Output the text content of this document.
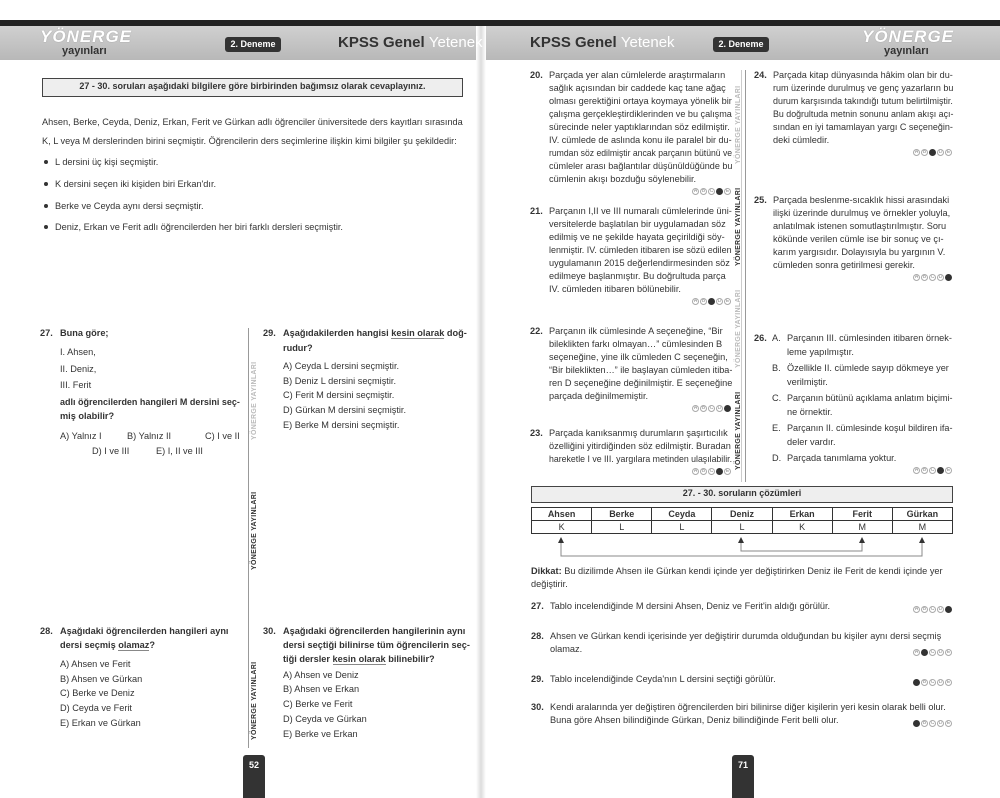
YÖNERGE
yayınları
2. Deneme	KPSS Genel Yetenek	KPSS Genel Yetenek	2. Deneme	YÖNERGE
yayınları
27 - 30. soruları aşağıdaki bilgilere göre birbirinden bağımsız olarak cevaplayınız.
Ahsen, Berke, Ceyda, Deniz, Erkan, Ferit ve Gürkan adlı öğrenciler üniversitede ders kayıtları sırasında
K, L veya M derslerinden birini seçmiştir. Öğrencilerin ders seçimlerine ilişkin kimi bilgiler şu şekildedir:
L dersini üç kişi seçmiştir.
K dersini seçen iki kişiden biri Erkan'dır.
Berke ve Ceyda aynı dersi seçmiştir.
Deniz, Erkan ve Ferit adlı öğrencilerden her biri farklı dersleri seçmiştir.
27. Buna göre;
I. Ahsen,
II. Deniz,
III. Ferit
adlı öğrencilerden hangileri M dersini seç-
miş olabilir?
A) Yalnız I	B) Yalnız II	C) I ve II
D) I ve III	E) I, II ve III
28. Aşağıdaki öğrencilerden hangileri aynı
dersi seçmiş olamaz?
A) Ahsen ve Ferit
B) Ahsen ve Gürkan
C) Berke ve Deniz
D) Ceyda ve Ferit
E) Erkan ve Gürkan
YÖNERGE YAYINLARI
YÖNERGE YAYINLARI
YÖNERGE YAYINLARI
29. Aşağıdakilerden hangisi kesin olarak doğ-
rudur?
A) Ceyda L dersini seçmiştir.
B) Deniz L dersini seçmiştir.
C) Ferit M dersini seçmiştir.
D) Gürkan M dersini seçmiştir.
E) Berke M dersini seçmiştir.
30. Aşağıdaki öğrencilerden hangilerinin aynı
dersi seçtiği bilinirse tüm öğrencilerin seç-
tiği dersler kesin olarak bilinebilir?
A) Ahsen ve Deniz
B) Ahsen ve Erkan
C) Berke ve Ferit
D) Ceyda ve Gürkan
E) Berke ve Erkan
52
20. Parçada yer alan cümlelerde araştırmaların
sağlık açısından bir caddede kaç tane ağaç
olması gerektiğini ortaya koymaya yönelik bir
çalışma gerçekleştirdiklerinden ve bu çalışma
sürecinde neler yaptıklarından söz edilmiştir.
IV. cümlede de aslında konu ile paralel bir du-
rumdan söz edilmiştir ancak parçanın bütünü ve
cümleler arası bağlantılar düşünüldüğünde bu
cümlenin akışı bozduğu söylenebilir.
A B C D E
21. Parçanın I,II ve III numaralı cümlelerinde üni-
versitelerde başlatılan bir uygulamadan söz
edilmiş ve ne şekilde hayata geçirildiği söy-
lenmiştir. IV. cümleden itibaren ise sözü edilen
uygulamanın 2015 değerlendirmesinden söz
edilmeye başlanmıştır. Bu doğrultuda parça
IV. cümleden itibaren bölünebilir.
A B C D E
22. Parçanın ilk cümlesinde A seçeneğine, “Bir
bileklikten farkı olmayan…” cümlesinden B
seçeneğine, yine ilk cümleden C seçeneğin,
“Bir bileklikten…” ile başlayan cümleden itiba-
ren D seçeneğine değinilmiştir. E seçeneğine
parçada değinilmemiştir.
A B C D E
23. Parçada kanıksanmış durumların şaşırtıcılık
özelliğini yitirdiğinden söz edilmiştir. Buradan
hareketle I ve III. yargılara metinden ulaşılabilir.
A B C D E
24. Parçada kitap dünyasında hâkim olan bir du-
rum üzerinde durulmuş ve genç yazarların bu
durum karşısında takındığı tutum belirtilmiştir.
Bu doğrultuda metnin sonunu anlam akışı açı-
sından en iyi tamamlayan yargı C seçeneğin-
deki cümledir.
A B C D E
25. Parçada beslenme-sıcaklık hissi arasındaki
ilişki üzerinde durulmuş ve örnekler yoluyla,
anlatılmak istenen somutlaştırılmıştır. Soru
kökünde verilen cümle ise bir sonuç ve çı-
karım yargısıdır. Dolayısıyla bu yargının V.
cümleden sonra getirilmesi gerekir.
A B C D E
26. A. Parçanın III. cümlesinden itibaren örnek-
leme yapılmıştır.
B. Özellikle II. cümlede sayıp dökmeye yer
verilmiştir.
C. Parçanın bütünü açıklama anlatım biçimi-
ne örnektir.
E. Parçanın II. cümlesinde koşul bildiren ifa-
deler vardır.
D. Parçada tanımlama yoktur.
A B C D E
YÖNERGE YAYINLARI
YÖNERGE YAYINLARI
YÖNERGE YAYINLARI
YÖNERGE YAYINLARI
27. - 30. soruların çözümleri
Ahsen	Berke	Ceyda	Deniz	Erkan	Ferit	Gürkan
K	L	L	L	K	M	M
Dikkat: Bu dizilimde Ahsen ile Gürkan kendi içinde yer değiştirirken Deniz ile Ferit de kendi içinde yer
değiştirir.
27. Tablo incelendiğinde M dersini Ahsen, Deniz ve Ferit'in aldığı görülür.	A B C D E
28. Ahsen ve Gürkan kendi içerisinde yer değiştirir durumda olduğundan bu kişiler aynı dersi seçmiş
olamaz.	A B C D E
29. Tablo incelendiğinde Ceyda'nın L dersini seçtiği görülür.	A B C D E
30. Kendi aralarında yer değiştiren öğrencilerden biri bilinirse diğer kişilerin yeri kesin olarak belli olur.
Buna göre Ahsen bilindiğinde Gürkan, Deniz bilindiğinde Ferit belli olur.	A B C D E
71
